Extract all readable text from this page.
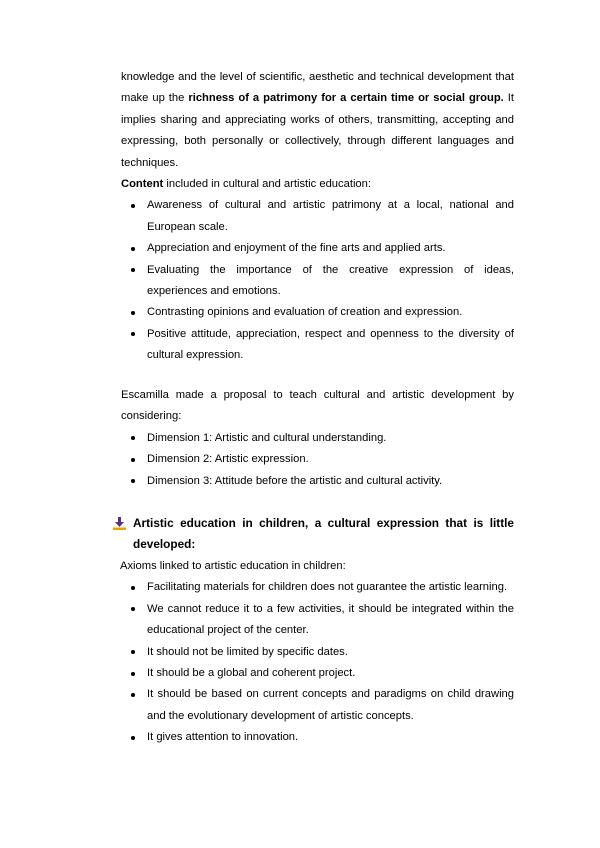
knowledge and the level of scientific, aesthetic and technical development that make up the richness of a patrimony for a certain time or social group. It implies sharing and appreciating works of others, transmitting, accepting and expressing, both personally or collectively, through different languages and techniques.

Content included in cultural and artistic education:

Awareness of cultural and artistic patrimony at a local, national and European scale.
Appreciation and enjoyment of the fine arts and applied arts.
Evaluating the importance of the creative expression of ideas, experiences and emotions.
Contrasting opinions and evaluation of creation and expression.
Positive attitude, appreciation, respect and openness to the diversity of cultural expression.

Escamilla made a proposal to teach cultural and artistic development by considering:

Dimension 1: Artistic and cultural understanding.
Dimension 2: Artistic expression.
Dimension 3: Attitude before the artistic and cultural activity.
Artistic education in children, a cultural expression that is little developed:

Axioms linked to artistic education in children:

Facilitating materials for children does not guarantee the artistic learning.
We cannot reduce it to a few activities, it should be integrated within the educational project of the center.
It should not be limited by specific dates.
It should be a global and coherent project.
It should be based on current concepts and paradigms on child drawing and the evolutionary development of artistic concepts.
It gives attention to innovation.
